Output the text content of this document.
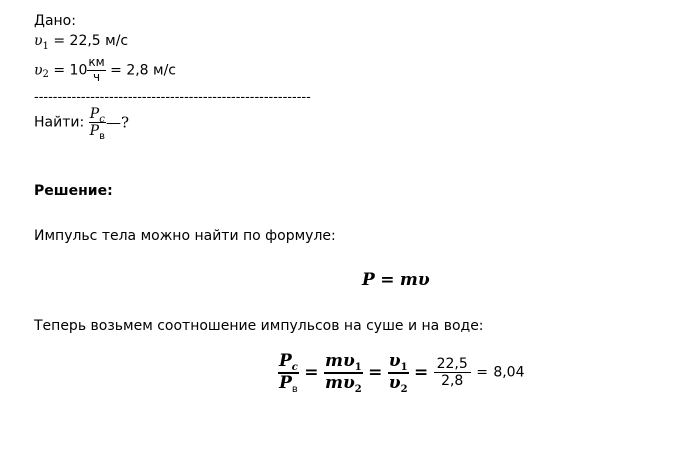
Дано:
$\upsilon_1 = 22,5$ м/с
$\upsilon_2 = 10 \frac{км}{ч} = 2,8$ м/с
-----------------------------------------------------------
Найти: $\frac{P_c}{P_в}$ —?
Решение:
Импульс тела можно найти по формуле:
P = mυ
Теперь возьмем соотношение импульсов на суше и на воде:
$\frac{P_c}{P_в} = \frac{m\upsilon_1}{m\upsilon_2} = \frac{\upsilon_1}{\upsilon_2} = \frac{22,5}{2,8} = 8,04$
